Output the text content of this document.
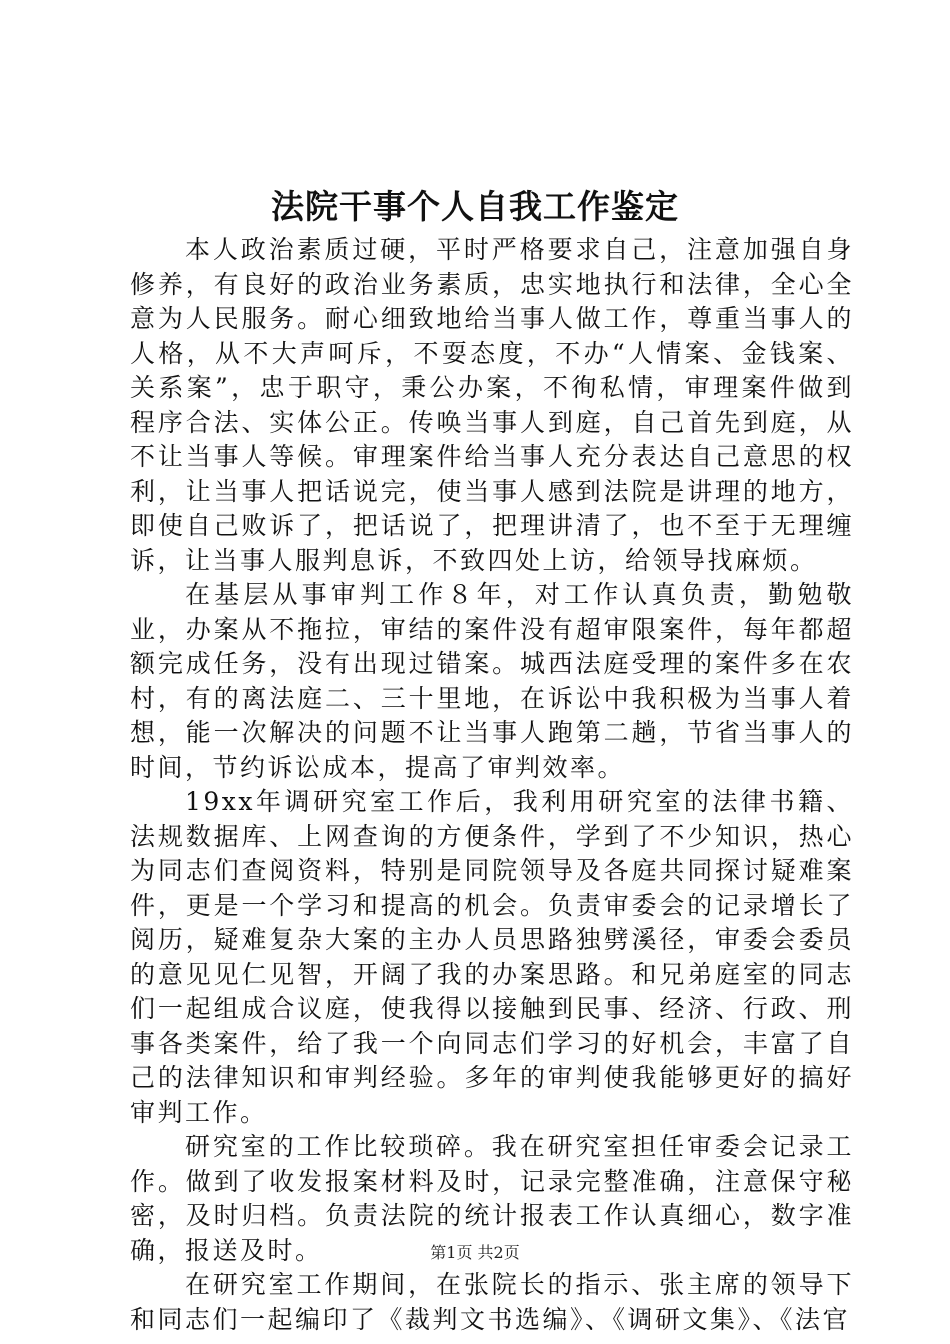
法院干事个人自我工作鉴定

本人政治素质过硬，平时严格要求自己，注意加强自身修养，有良好的政治业务素质，忠实地执行和法律，全心全意为人民服务。耐心细致地给当事人做工作，尊重当事人的人格，从不大声呵斥，不耍态度，不办“人情案、金钱案、关系案”，忠于职守，秉公办案，不徇私情，审理案件做到程序合法、实体公正。传唤当事人到庭，自己首先到庭，从不让当事人等候。审理案件给当事人充分表达自己意思的权利，让当事人把话说完，使当事人感到法院是讲理的地方，即使自己败诉了，把话说了，把理讲清了，也不至于无理缠诉，让当事人服判息诉，不致四处上访，给领导找麻烦。

在基层从事审判工作８年，对工作认真负责，勤勉敬业，办案从不拖拉，审结的案件没有超审限案件，每年都超额完成任务，没有出现过错案。城西法庭受理的案件多在农村，有的离法庭二、三十里地，在诉讼中我积极为当事人着想，能一次解决的问题不让当事人跑第二趟，节省当事人的时间，节约诉讼成本，提高了审判效率。

19xx年调研究室工作后，我利用研究室的法律书籍、法规数据库、上网查询的方便条件，学到了不少知识，热心为同志们查阅资料，特别是同院领导及各庭共同探讨疑难案件，更是一个学习和提高的机会。负责审委会的记录增长了阅历，疑难复杂大案的主办人员思路独劈溪径，审委会委员的意见见仁见智，开阔了我的办案思路。和兄弟庭室的同志们一起组成合议庭，使我得以接触到民事、经济、行政、刑事各类案件，给了我一个向同志们学习的好机会，丰富了自己的法律知识和审判经验。多年的审判使我能够更好的搞好审判工作。

研究室的工作比较琐碎。我在研究室担任审委会记录工作。做到了收发报案材料及时，记录完整准确，注意保守秘密，及时归档。负责法院的统计报表工作认真细心，数字准确，报送及时。

在研究室工作期间，在张院长的指示、张主席的领导下和同志们一起编印了《裁判文书选编》、《调研文集》、《法官

第1页 共2页
